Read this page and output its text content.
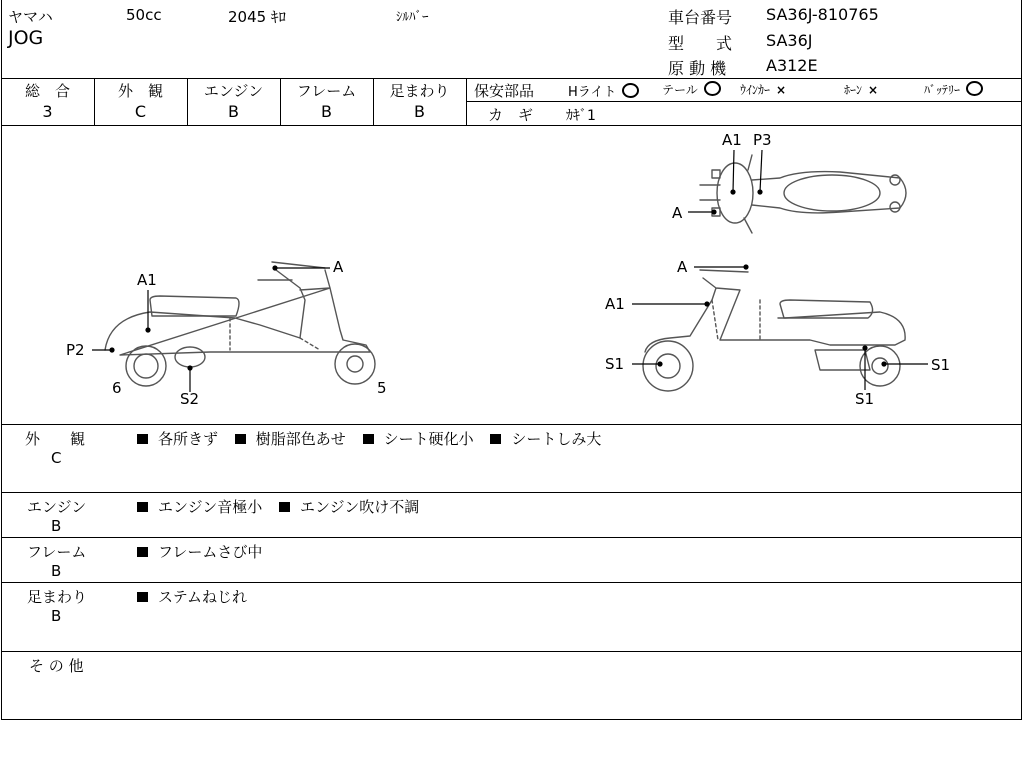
ヤマハ	50cc	2045 ｷﾛ	ｼﾙﾊﾞｰ
JOG
車台番号 SA36J-810765
型　　式 SA36J
原 動 機 A312E
総　合
3
外　観
C
エンジン
B
フレーム
B
足まわり
B
保安部品	Hライト	テール	ｳｲﾝｶｰ ×	ﾎｰﾝ ×	ﾊﾞｯﾃﾘｰ
カ　ギ ｶｷﾞ1
A1 P3
A
A
A1
P2
6
S2
5
A
A1
S1	S1
S1
外　　観
C
各所きず	樹脂部色あせ	シート硬化小	シートしみ大
エンジン
B
エンジン音極小	エンジン吹け不調
フレーム
B
フレームさび中
足まわり
B
ステムねじれ
そ の 他
